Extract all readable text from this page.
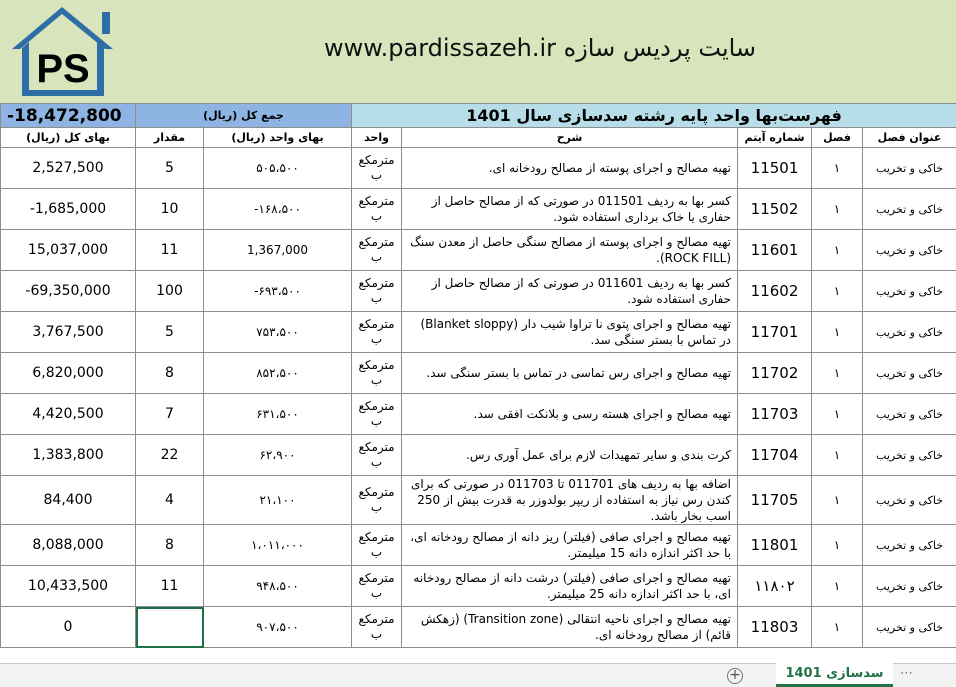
PS	www.pardissazeh.ir سایت پردیس سازه
-18,472,800	جمع کل (ریال)		فهرست‌بها واحد پایه رشته سدسازی سال 1401				
بهای کل (ریال)	مقدار	بهای واحد (ریال)	واحد	شرح	شماره آیتم	فصل	عنوان فصل
2,527,500	5	۵۰۵،۵۰۰	مترمکع ب	تهیه مصالح و اجرای پوسته از مصالح رودخانه ای.	11501	۱	خاکی و تخریب
-1,685,000	10	-۱۶۸،۵۰۰	مترمکع ب	کسر بها به ردیف 011501 در صورتی که از مصالح حاصل از حفاری یا خاک برداری استفاده شود.	11502	۱	خاکی و تخریب
15,037,000	11	1,367,000	مترمکع ب	تهیه مصالح و اجرای پوسته از مصالح سنگی حاصل از معدن سنگ (ROCK FILL).	11601	۱	خاکی و تخریب
-69,350,000	100	-۶۹۳،۵۰۰	مترمکع ب	کسر بها به ردیف 011601 در صورتی که از مصالح حاصل از حفاری استفاده شود.	11602	۱	خاکی و تخریب
3,767,500	5	۷۵۳،۵۰۰	مترمکع ب	تهیه مصالح و اجرای پتوی نا تراوا شیب دار (Blanket sloppy) در تماس با بستر سنگی سد.	11701	۱	خاکی و تخریب
6,820,000	8	۸۵۲،۵۰۰	مترمکع ب	تهیه مصالح و اجرای رس تماسی در تماس با بستر سنگی سد.	11702	۱	خاکی و تخریب
4,420,500	7	۶۳۱،۵۰۰	مترمکع ب	تهیه مصالح و اجرای هسته رسی و بلانکت افقی سد.	11703	۱	خاکی و تخریب
1,383,800	22	۶۲،۹۰۰	مترمکع ب	کرت بندی و سایر تمهیدات لازم برای عمل آوری رس.	11704	۱	خاکی و تخریب
84,400	4	۲۱،۱۰۰	مترمکع ب	اضافه بها به ردیف های 011701 تا 011703 در صورتی که برای کندن رس نیاز به استفاده از ریپر بولدوزر به قدرت بیش از 250 اسب بخار باشد.	11705	۱	خاکی و تخریب
8,088,000	8	۱،۰۱۱،۰۰۰	مترمکع ب	تهیه مصالح و اجرای صافی (فیلتر) ریز دانه از مصالح رودخانه ای، با حد اکثر اندازه دانه 15 میلیمتر.	11801	۱	خاکی و تخریب
10,433,500	11	۹۴۸،۵۰۰	مترمکع ب	تهیه مصالح و اجرای صافی (فیلتر) درشت دانه از مصالح رودخانه ای، با حد اکثر اندازه دانه 25 میلیمتر.	۱۱۸۰۲	۱	خاکی و تخریب
0		۹۰۷،۵۰۰	مترمکع ب	تهیه مصالح و اجرای ناحیه انتقالی (Transition zone) (زهکش قائم) از مصالح رودخانه ای.	11803	۱	خاکی و تخریب
+	سدسازی 1401	⋯
